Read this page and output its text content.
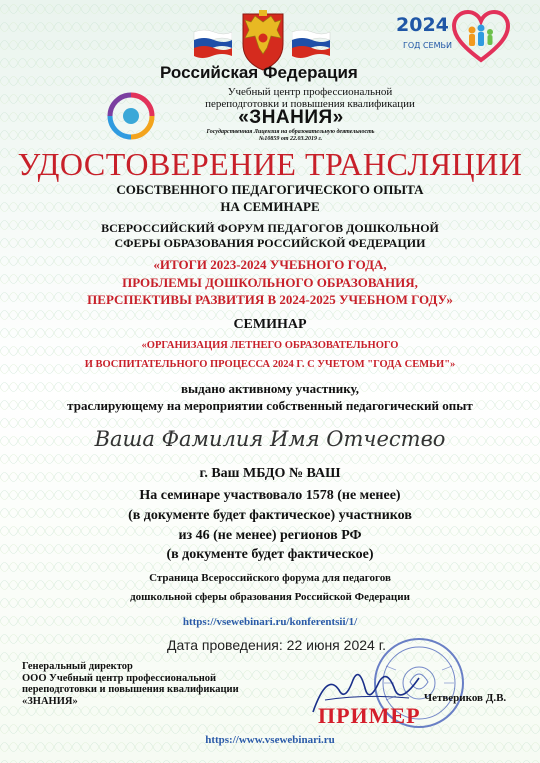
2024
ГОД СЕМЬИ
Российская Федерация
Учебный центр профессиональной
переподготовки и повышения квалификации
«ЗНАНИЯ»
Государственная Лицензия на образовательную деятельность
№10859 от 22.03.2019 г.
УДОСТОВЕРЕНИЕ ТРАНСЛЯЦИИ
СОБСТВЕННОГО ПЕДАГОГИЧЕСКОГО ОПЫТА
НА СЕМИНАРЕ
ВСЕРОССИЙСКИЙ ФОРУМ ПЕДАГОГОВ ДОШКОЛЬНОЙ
СФЕРЫ ОБРАЗОВАНИЯ РОССИЙСКОЙ ФЕДЕРАЦИИ
«ИТОГИ 2023-2024 УЧЕБНОГО ГОДА,
ПРОБЛЕМЫ ДОШКОЛЬНОГО ОБРАЗОВАНИЯ,
ПЕРСПЕКТИВЫ РАЗВИТИЯ В 2024-2025 УЧЕБНОМ ГОДУ»
СЕМИНАР
«ОРГАНИЗАЦИЯ ЛЕТНЕГО ОБРАЗОВАТЕЛЬНОГО
И ВОСПИТАТЕЛЬНОГО ПРОЦЕССА 2024 Г. С УЧЕТОМ "ГОДА СЕМЬИ"»
выдано активному участнику,
траслирующему на мероприятии собственный педагогический опыт
Ваша Фамилия Имя Отчество
г. Ваш МБДО № ВАШ
На семинаре участвовало 1578 (не менее)
(в документе будет фактическое) участников
из 46 (не менее) регионов РФ
(в документе будет фактическое)
Страница Всероссийского форума для педагогов
дошкольной сферы образования Российской Федерации
https://vsewebinari.ru/konferentsii/1/
Дата проведения: 22 июня 2024 г.
Генеральный директор
ООО Учебный центр профессиональной
переподготовки и повышения квалификации
«ЗНАНИЯ»
ПРИМЕР
Четвериков Д.В.
https://www.vsewebinari.ru
